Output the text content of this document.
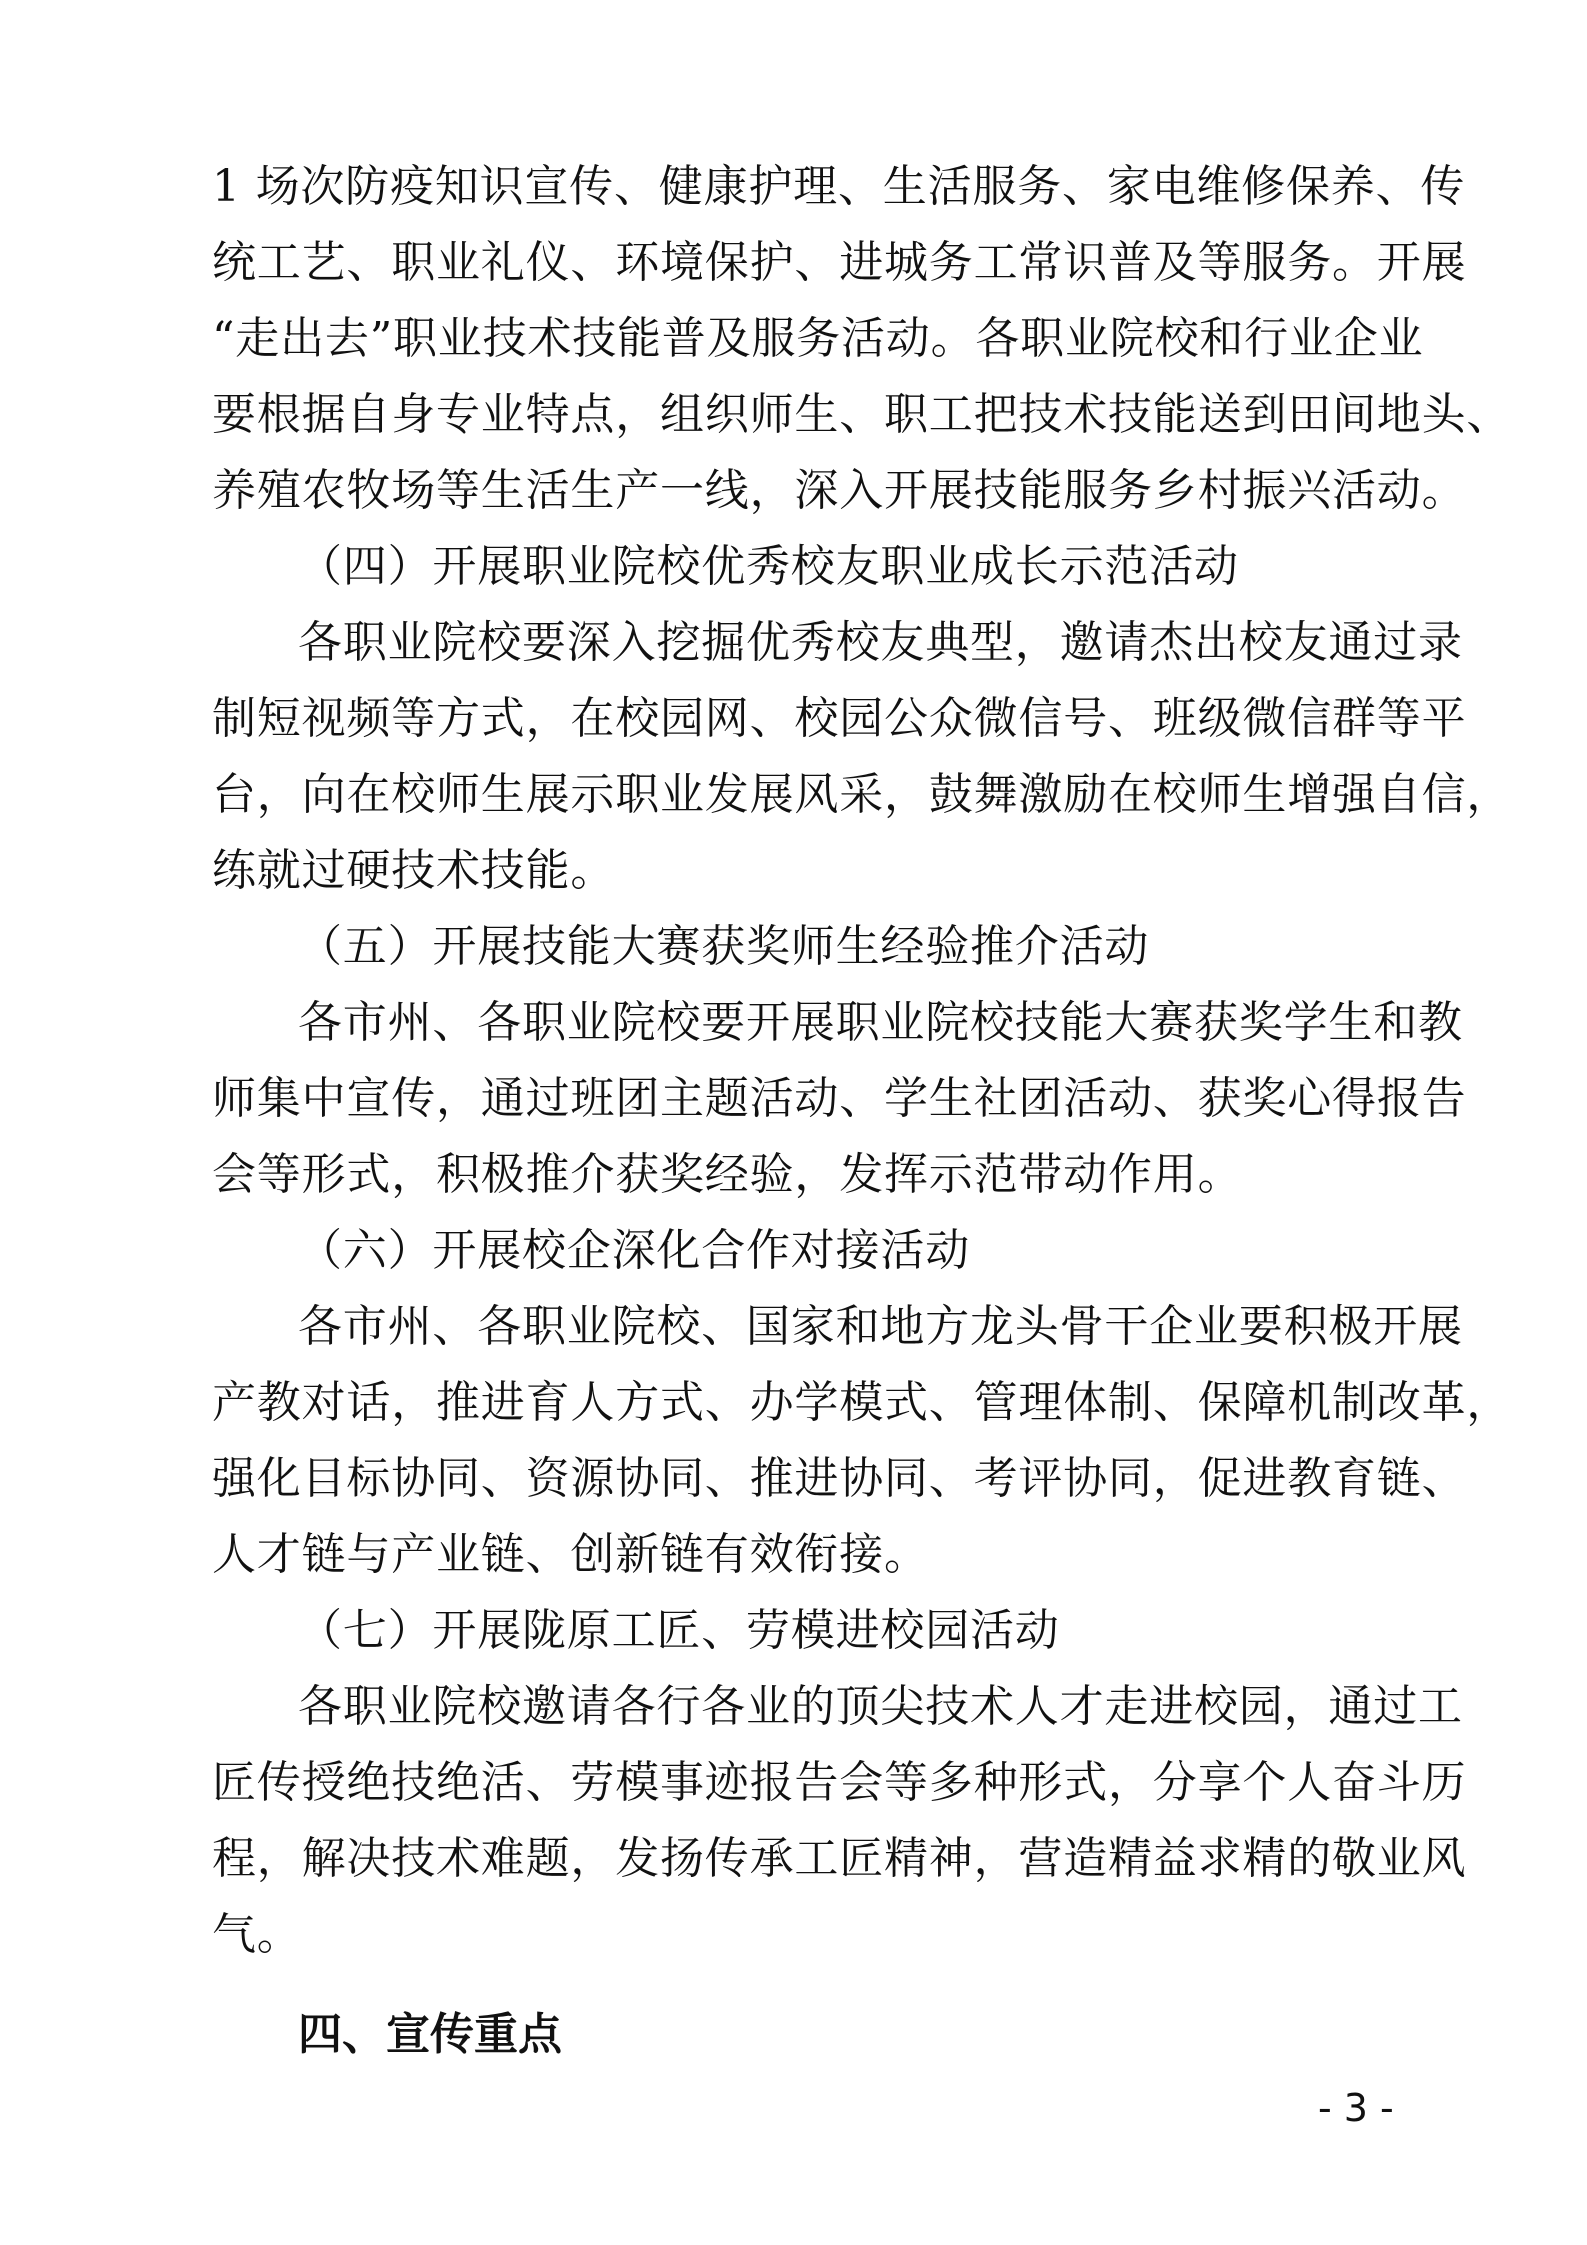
1 场次防疫知识宣传、健康护理、生活服务、家电维修保养、传
统工艺、职业礼仪、环境保护、进城务工常识普及等服务。开展
“走出去”职业技术技能普及服务活动。各职业院校和行业企业
要根据自身专业特点，组织师生、职工把技术技能送到田间地头、
养殖农牧场等生活生产一线，深入开展技能服务乡村振兴活动。
（四）开展职业院校优秀校友职业成长示范活动
各职业院校要深入挖掘优秀校友典型，邀请杰出校友通过录
制短视频等方式，在校园网、校园公众微信号、班级微信群等平
台，向在校师生展示职业发展风采，鼓舞激励在校师生增强自信，
练就过硬技术技能。
（五）开展技能大赛获奖师生经验推介活动
各市州、各职业院校要开展职业院校技能大赛获奖学生和教
师集中宣传，通过班团主题活动、学生社团活动、获奖心得报告
会等形式，积极推介获奖经验，发挥示范带动作用。
（六）开展校企深化合作对接活动
各市州、各职业院校、国家和地方龙头骨干企业要积极开展
产教对话，推进育人方式、办学模式、管理体制、保障机制改革，
强化目标协同、资源协同、推进协同、考评协同，促进教育链、
人才链与产业链、创新链有效衔接。
（七）开展陇原工匠、劳模进校园活动
各职业院校邀请各行各业的顶尖技术人才走进校园，通过工
匠传授绝技绝活、劳模事迹报告会等多种形式，分享个人奋斗历
程，解决技术难题，发扬传承工匠精神，营造精益求精的敬业风
气。
四、宣传重点
- 3 -
